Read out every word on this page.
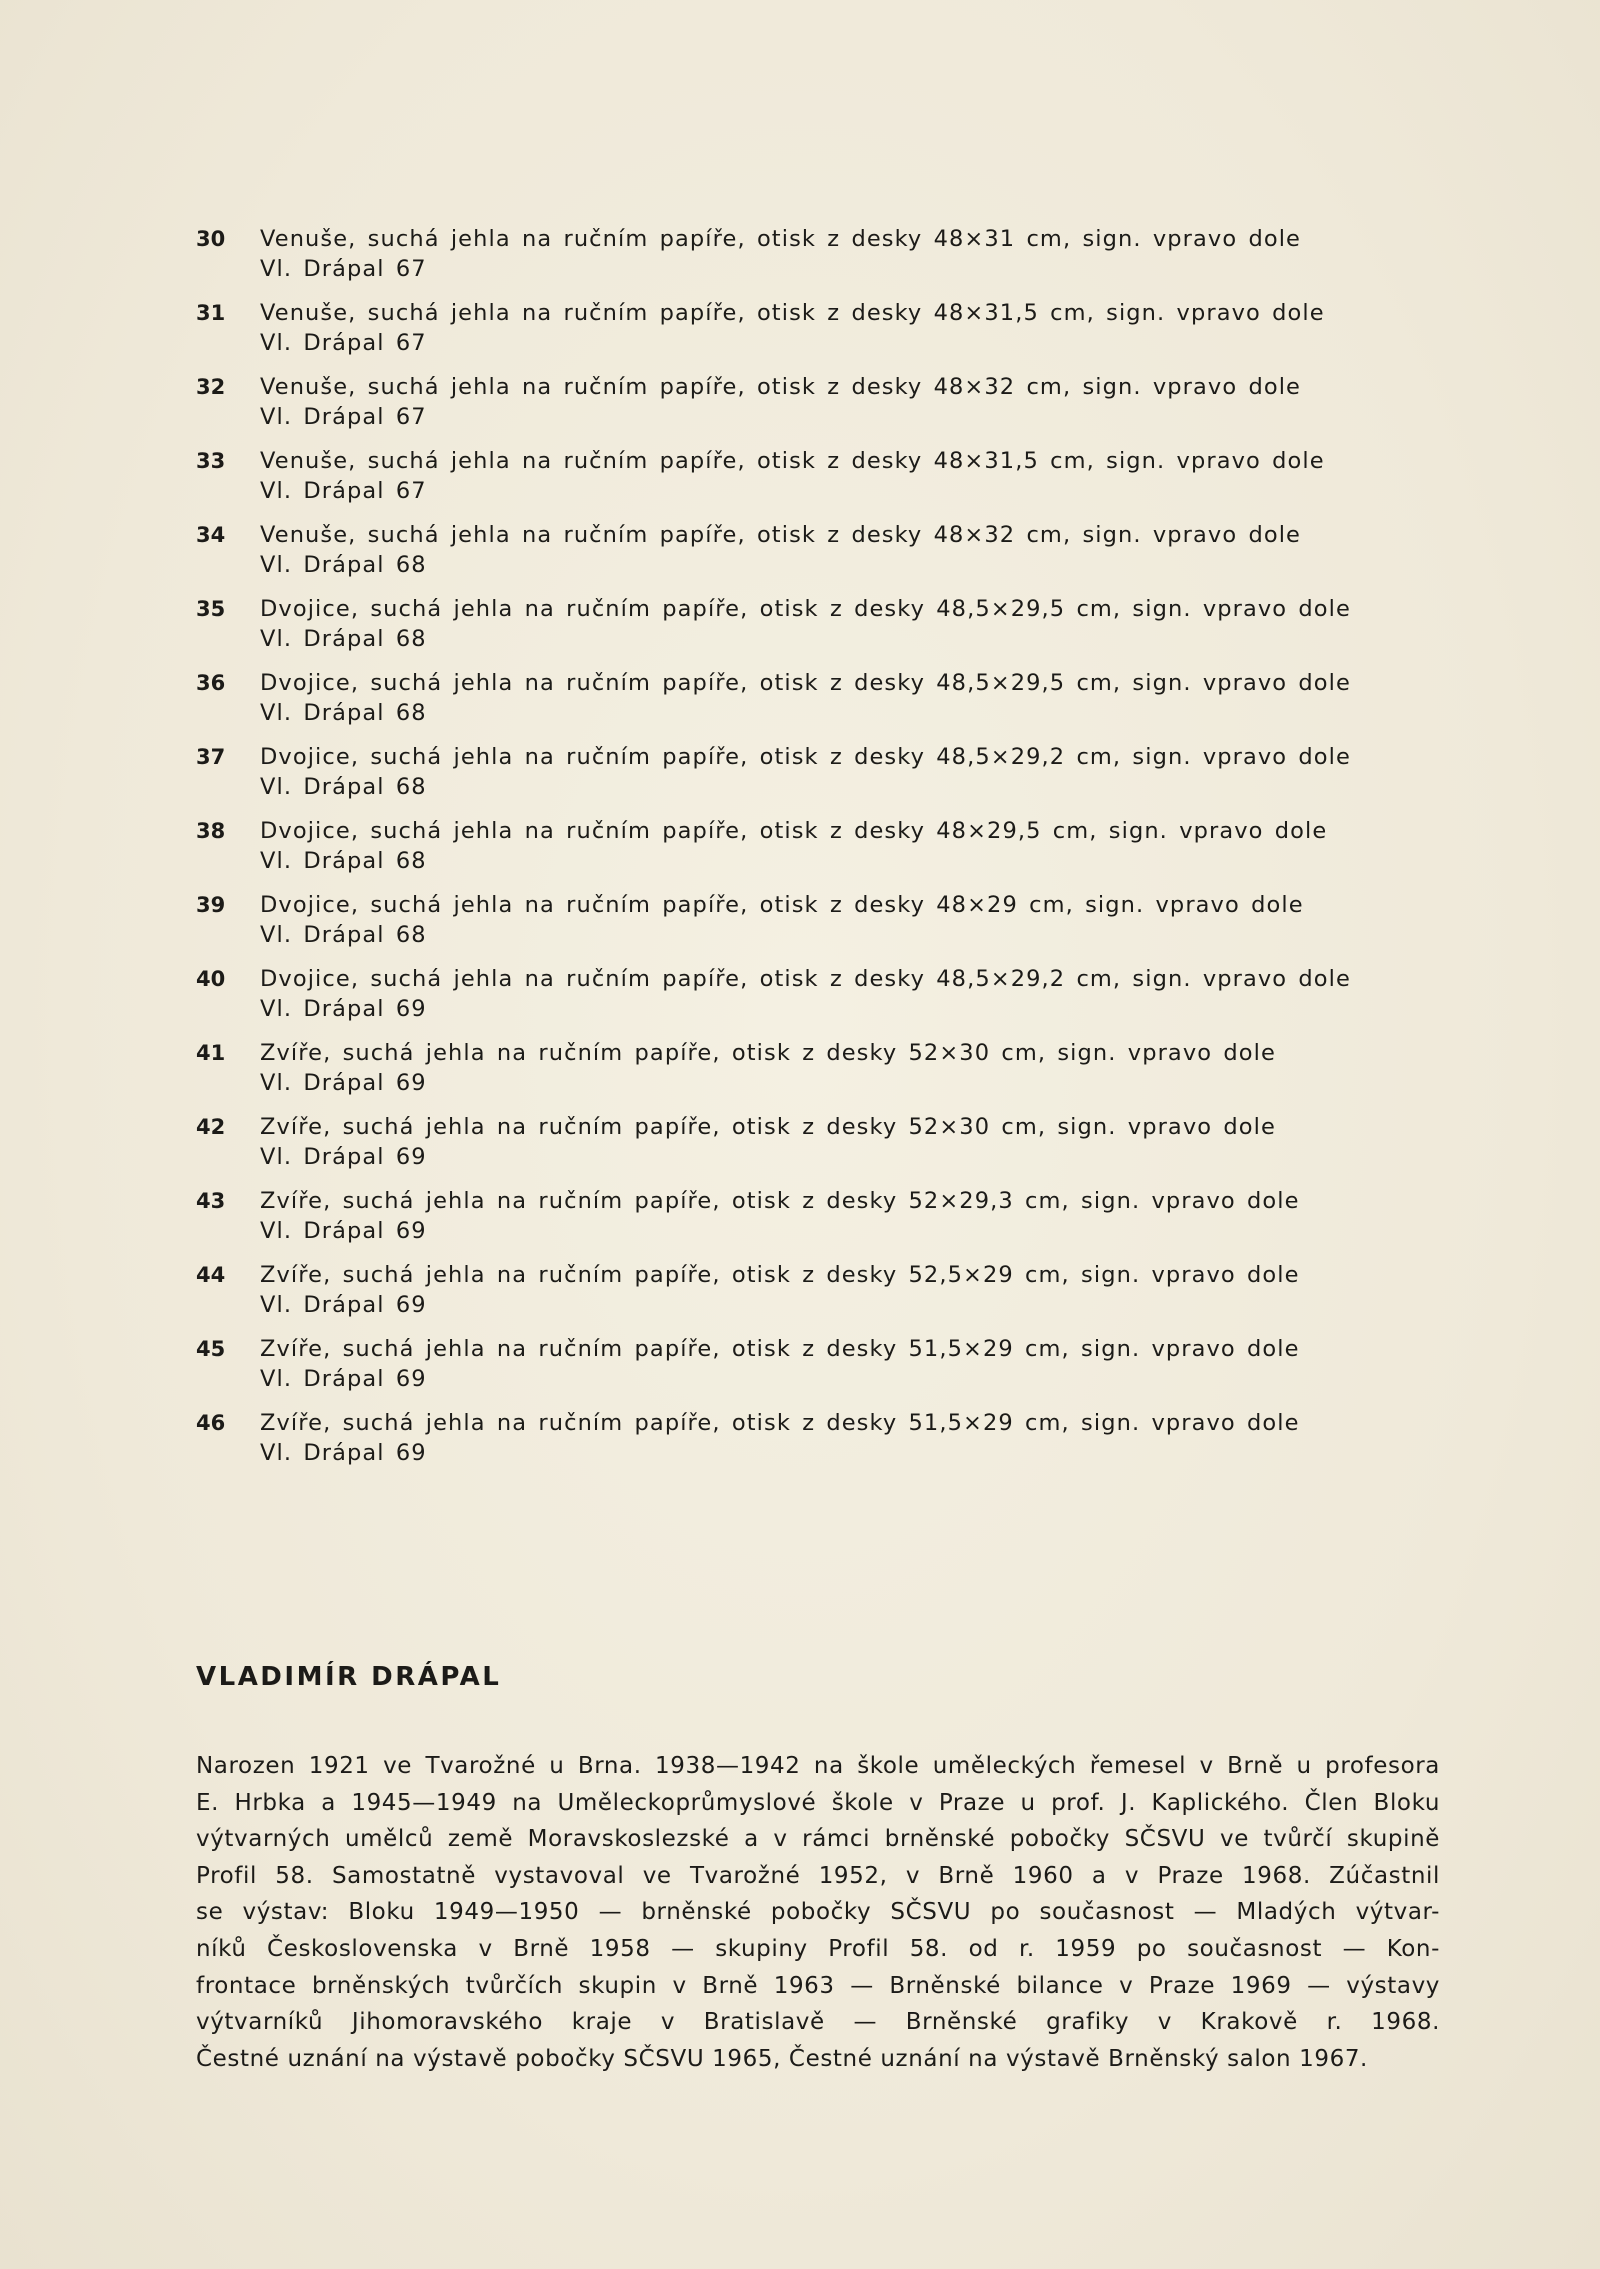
30	Venuše, suchá jehla na ručním papíře, otisk z desky 48×31 cm, sign. vpravo dole
Vl. Drápal 67
31	Venuše, suchá jehla na ručním papíře, otisk z desky 48×31,5 cm, sign. vpravo dole
Vl. Drápal 67
32	Venuše, suchá jehla na ručním papíře, otisk z desky 48×32 cm, sign. vpravo dole
Vl. Drápal 67
33	Venuše, suchá jehla na ručním papíře, otisk z desky 48×31,5 cm, sign. vpravo dole
Vl. Drápal 67
34	Venuše, suchá jehla na ručním papíře, otisk z desky 48×32 cm, sign. vpravo dole
Vl. Drápal 68
35	Dvojice, suchá jehla na ručním papíře, otisk z desky 48,5×29,5 cm, sign. vpravo dole
Vl. Drápal 68
36	Dvojice, suchá jehla na ručním papíře, otisk z desky 48,5×29,5 cm, sign. vpravo dole
Vl. Drápal 68
37	Dvojice, suchá jehla na ručním papíře, otisk z desky 48,5×29,2 cm, sign. vpravo dole
Vl. Drápal 68
38	Dvojice, suchá jehla na ručním papíře, otisk z desky 48×29,5 cm, sign. vpravo dole
Vl. Drápal 68
39	Dvojice, suchá jehla na ručním papíře, otisk z desky 48×29 cm, sign. vpravo dole
Vl. Drápal 68
40	Dvojice, suchá jehla na ručním papíře, otisk z desky 48,5×29,2 cm, sign. vpravo dole
Vl. Drápal 69
41	Zvíře, suchá jehla na ručním papíře, otisk z desky 52×30 cm, sign. vpravo dole
Vl. Drápal 69
42	Zvíře, suchá jehla na ručním papíře, otisk z desky 52×30 cm, sign. vpravo dole
Vl. Drápal 69
43	Zvíře, suchá jehla na ručním papíře, otisk z desky 52×29,3 cm, sign. vpravo dole
Vl. Drápal 69
44	Zvíře, suchá jehla na ručním papíře, otisk z desky 52,5×29 cm, sign. vpravo dole
Vl. Drápal 69
45	Zvíře, suchá jehla na ručním papíře, otisk z desky 51,5×29 cm, sign. vpravo dole
Vl. Drápal 69
46	Zvíře, suchá jehla na ručním papíře, otisk z desky 51,5×29 cm, sign. vpravo dole
Vl. Drápal 69
VLADIMÍR DRÁPAL

Narozen 1921 ve Tvarožné u Brna. 1938—1942 na škole uměleckých řemesel v Brně u profesora
E. Hrbka a 1945—1949 na Uměleckoprůmyslové škole v Praze u prof. J. Kaplického. Člen Bloku
výtvarných umělců země Moravskoslezské a v rámci brněnské pobočky SČSVU ve tvůrčí skupině
Profil 58. Samostatně vystavoval ve Tvarožné 1952, v Brně 1960 a v Praze 1968. Zúčastnil
se výstav: Bloku 1949—1950 — brněnské pobočky SČSVU po současnost — Mladých výtvar-
níků Československa v Brně 1958 — skupiny Profil 58. od r. 1959 po současnost — Kon-
frontace brněnských tvůrčích skupin v Brně 1963 — Brněnské bilance v Praze 1969 — výstavy
výtvarníků Jihomoravského kraje v Bratislavě — Brněnské grafiky v Krakově r. 1968.
Čestné uznání na výstavě pobočky SČSVU 1965, Čestné uznání na výstavě Brněnský salon 1967.
